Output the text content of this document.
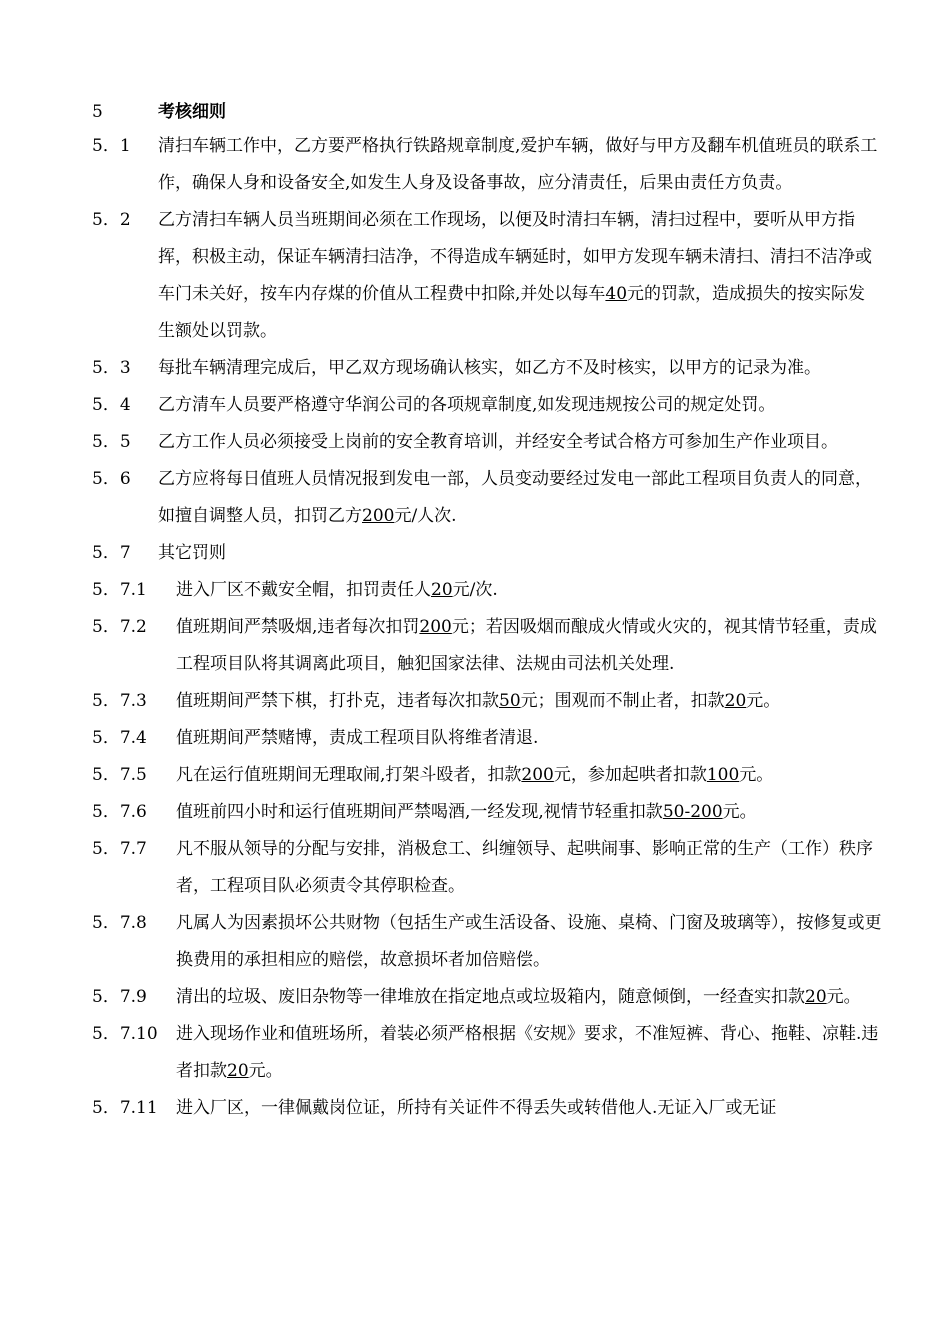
5	考核细则
5．1 清扫车辆工作中，乙方要严格执行铁路规章制度,爱护车辆，做好与甲方及翻车机值班员的联系工作，确保人身和设备安全,如发生人身及设备事故，应分清责任，后果由责任方负责。
5．2 乙方清扫车辆人员当班期间必须在工作现场，以便及时清扫车辆，清扫过程中，要听从甲方指挥，积极主动，保证车辆清扫洁净，不得造成车辆延时，如甲方发现车辆未清扫、清扫不洁净或车门未关好，按车内存煤的价值从工程费中扣除,并处以每车40元的罚款，造成损失的按实际发生额处以罚款。
5．3 每批车辆清理完成后，甲乙双方现场确认核实，如乙方不及时核实，以甲方的记录为准。
5．4 乙方清车人员要严格遵守华润公司的各项规章制度,如发现违规按公司的规定处罚。
5．5 乙方工作人员必须接受上岗前的安全教育培训，并经安全考试合格方可参加生产作业项目。
5．6 乙方应将每日值班人员情况报到发电一部，人员变动要经过发电一部此工程项目负责人的同意，如擅自调整人员，扣罚乙方200元/人次.
5．7 其它罚则
5．7.1 进入厂区不戴安全帽，扣罚责任人20元/次.
5．7.2 值班期间严禁吸烟,违者每次扣罚200元；若因吸烟而酿成火情或火灾的，视其情节轻重，责成工程项目队将其调离此项目，触犯国家法律、法规由司法机关处理.
5．7.3 值班期间严禁下棋，打扑克，违者每次扣款50元；围观而不制止者，扣款20元。
5．7.4 值班期间严禁赌博，责成工程项目队将维者清退.
5．7.5 凡在运行值班期间无理取闹,打架斗殴者，扣款200元，参加起哄者扣款100元。
5．7.6 值班前四小时和运行值班期间严禁喝酒,一经发现,视情节轻重扣款50-200元。
5．7.7 凡不服从领导的分配与安排，消极怠工、纠缠领导、起哄闹事、影响正常的生产（工作）秩序者，工程项目队必须责令其停职检查。
5．7.8 凡属人为因素损坏公共财物（包括生产或生活设备、设施、桌椅、门窗及玻璃等），按修复或更换费用的承担相应的赔偿，故意损坏者加倍赔偿。
5．7.9 清出的垃圾、废旧杂物等一律堆放在指定地点或垃圾箱内，随意倾倒，一经查实扣款20元。
5．7.10 进入现场作业和值班场所，着装必须严格根据《安规》要求，不准短裤、背心、拖鞋、凉鞋.违者扣款20元。
5．7.11 进入厂区，一律佩戴岗位证，所持有关证件不得丢失或转借他人.无证入厂或无证
